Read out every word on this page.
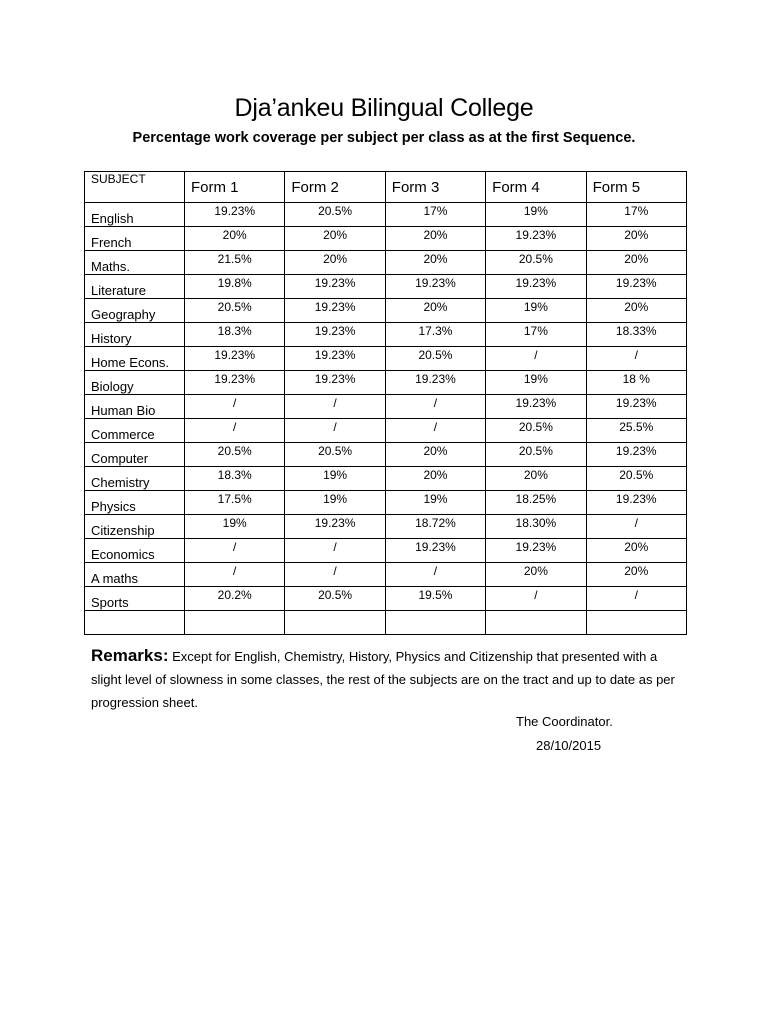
Dja’ankeu Bilingual College
Percentage work coverage per subject per class as at the first Sequence.
SUBJECT	Form 1	Form 2	Form 3	Form 4	Form 5
English	19.23%	20.5%	17%	19%	17%
French	20%	20%	20%	19.23%	20%
Maths.	21.5%	20%	20%	20.5%	20%
Literature	19.8%	19.23%	19.23%	19.23%	19.23%
Geography	20.5%	19.23%	20%	19%	20%
History	18.3%	19.23%	17.3%	17%	18.33%
Home Econs.	19.23%	19.23%	20.5%	/	/
Biology	19.23%	19.23%	19.23%	19%	18 %
Human Bio	/	/	/	19.23%	19.23%
Commerce	/	/	/	20.5%	25.5%
Computer	20.5%	20.5%	20%	20.5%	19.23%
Chemistry	18.3%	19%	20%	20%	20.5%
Physics	17.5%	19%	19%	18.25%	19.23%
Citizenship	19%	19.23%	18.72%	18.30%	/
Economics	/	/	19.23%	19.23%	20%
A maths	/	/	/	20%	20%
Sports	20.2%	20.5%	19.5%	/	/

Remarks: Except for English, Chemistry, History, Physics and Citizenship that presented with a slight level of slowness in some classes, the rest of the subjects are on the tract and up to date as per progression sheet.
The Coordinator.
28/10/2015
